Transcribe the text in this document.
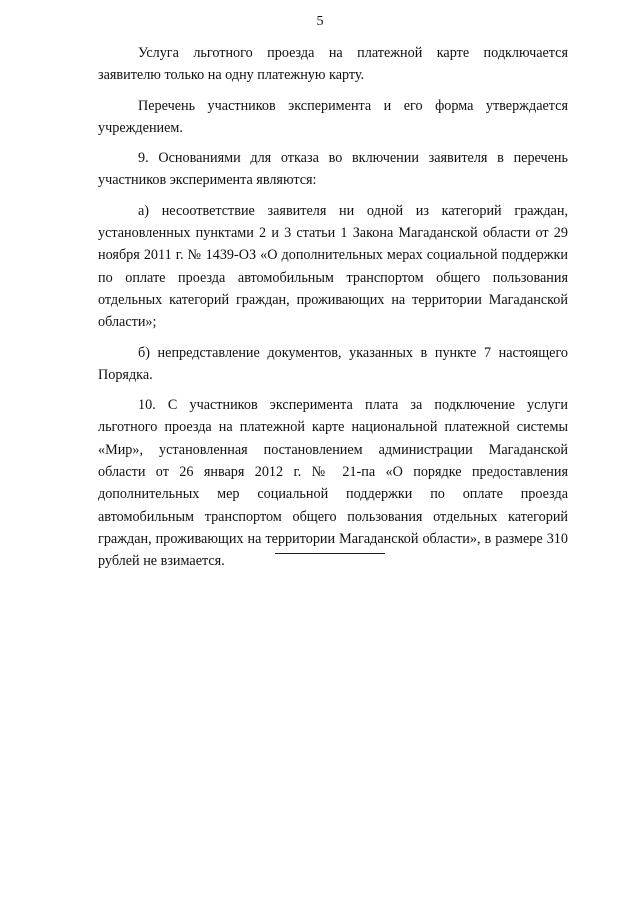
5

Услуга льготного проезда на платежной карте подключается заявителю только на одну платежную карту.

Перечень участников эксперимента и его форма утверждается учреждением.

9. Основаниями для отказа во включении заявителя в перечень участников эксперимента являются:

а) несоответствие заявителя ни одной из категорий граждан, установленных пунктами 2 и 3 статьи 1 Закона Магаданской области от 29 ноября 2011 г. № 1439-ОЗ «О дополнительных мерах социальной поддержки по оплате проезда автомобильным транспортом общего пользования отдельных категорий граждан, проживающих на территории Магаданской области»;

б) непредставление документов, указанных в пункте 7 настоящего Порядка.

10. С участников эксперимента плата за подключение услуги льготного проезда на платежной карте национальной платежной системы «Мир», установленная постановлением администрации Магаданской области от 26 января 2012 г. № 21-па «О порядке предоставления дополнительных мер социальной поддержки по оплате проезда автомобильным транспортом общего пользования отдельных категорий граждан, проживающих на территории Магаданской области», в размере 310 рублей не взимается.
